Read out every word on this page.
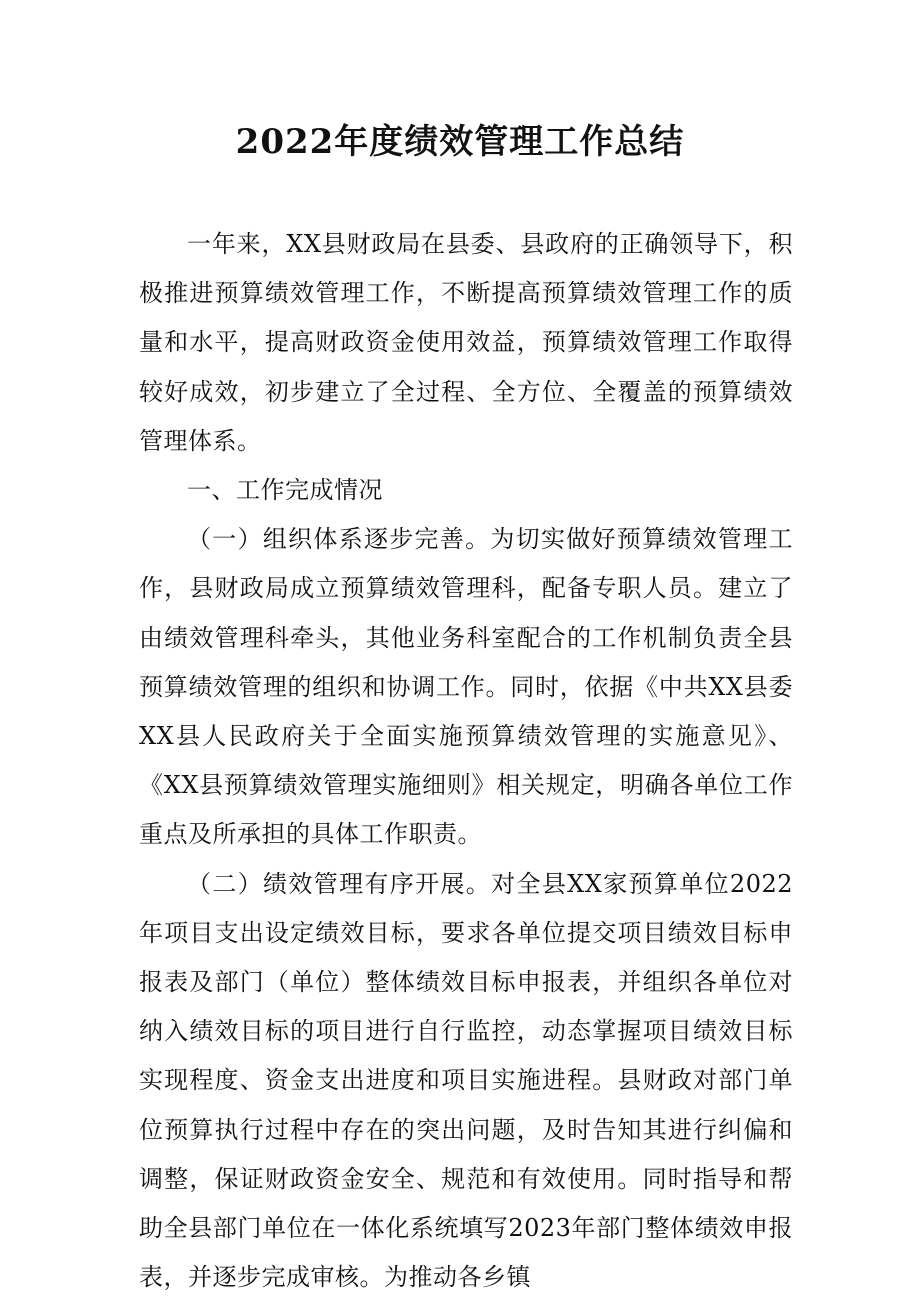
2022年度绩效管理工作总结

一年来，XX县财政局在县委、县政府的正确领导下，积极推进预算绩效管理工作，不断提高预算绩效管理工作的质量和水平，提高财政资金使用效益，预算绩效管理工作取得较好成效，初步建立了全过程、全方位、全覆盖的预算绩效管理体系。

一、工作完成情况

（一）组织体系逐步完善。为切实做好预算绩效管理工作，县财政局成立预算绩效管理科，配备专职人员。建立了由绩效管理科牵头，其他业务科室配合的工作机制负责全县预算绩效管理的组织和协调工作。同时，依据《中共XX县委XX县人民政府关于全面实施预算绩效管理的实施意见》、《XX县预算绩效管理实施细则》相关规定，明确各单位工作重点及所承担的具体工作职责。

（二）绩效管理有序开展。对全县XX家预算单位2022年项目支出设定绩效目标，要求各单位提交项目绩效目标申报表及部门（单位）整体绩效目标申报表，并组织各单位对纳入绩效目标的项目进行自行监控，动态掌握项目绩效目标实现程度、资金支出进度和项目实施进程。县财政对部门单位预算执行过程中存在的突出问题，及时告知其进行纠偏和调整，保证财政资金安全、规范和有效使用。同时指导和帮助全县部门单位在一体化系统填写2023年部门整体绩效申报表，并逐步完成审核。为推动各乡镇
